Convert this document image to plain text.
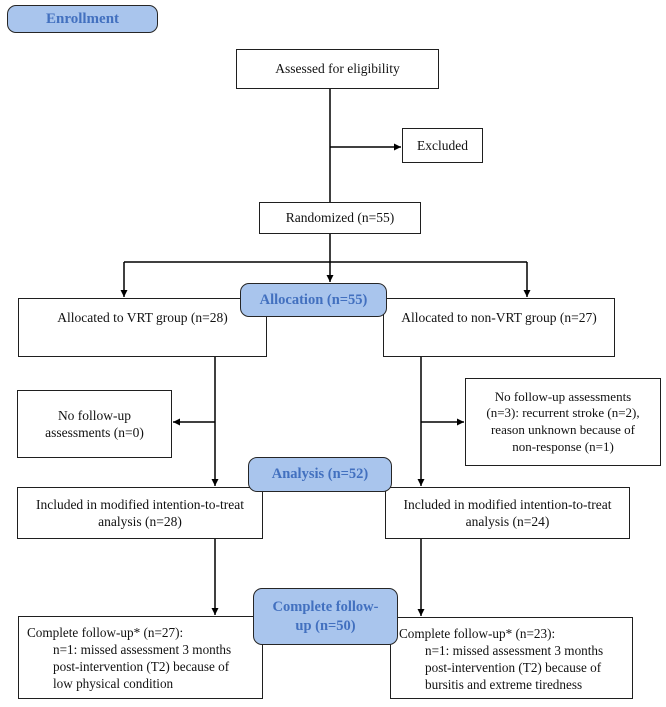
Enrollment
Assessed for eligibility
Excluded
Randomized (n=55)
Allocated to VRT group (n=28)	Allocated to non-VRT group (n=27)
Allocation (n=55)
No follow-up
assessments (n=0)
No follow-up assessments
(n=3): recurrent stroke (n=2),
reason unknown because of
non-response (n=1)
Included in modified intention-to-treat
analysis (n=28)
Included in modified intention-to-treat
analysis (n=24)
Analysis (n=52)
Complete follow-up* (n=27):
n=1: missed assessment 3 months
post-intervention (T2) because of
low physical condition
Complete follow-up* (n=23):
n=1: missed assessment 3 months
post-intervention (T2) because of
bursitis and extreme tiredness
Complete follow-
up (n=50)
